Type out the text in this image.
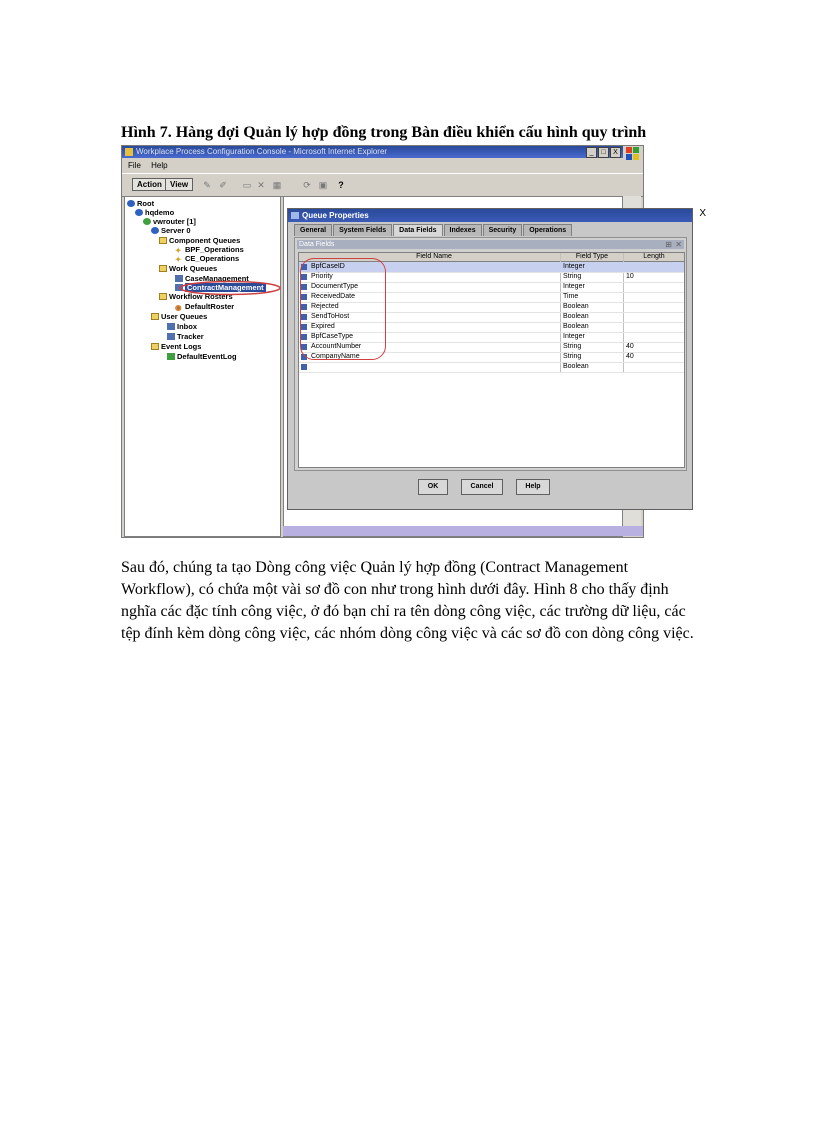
Hình 7. Hàng đợi Quản lý hợp đồng trong Bàn điều khiển cấu hình quy trình
Workplace Process Configuration Console - Microsoft Internet Explorer	_	□	X
File Help
Action	View	✎ ✐ ▭ ✕ ▦ ⟳ ▣ ?
Root
hqdemo
vwrouter [1]
Server 0
Component Queues
✦ BPF_Operations
✦ CE_Operations
Work Queues
CaseManagement
ContractManagement
Workflow Rosters
◉ DefaultRoster
User Queues
Inbox
Tracker
Event Logs
DefaultEventLog
Queue Properties	X
General	System Fields	Data Fields	Indexes	Security	Operations
Data Fields	⊞ ✕
Field Name	Field Type	Length
BpfCaseID	Integer
Priority	String	10
DocumentType	Integer
ReceivedDate	Time
Rejected	Boolean
SendToHost	Boolean
Expired	Boolean
BpfCaseType	Integer
AccountNumber	String	40
CompanyName	String	40
Boolean
OK	Cancel	Help
Sau đó, chúng ta tạo Dòng công việc Quản lý hợp đồng (Contract Management Workflow), có chứa một vài sơ đồ con như trong hình dưới đây. Hình 8 cho thấy định nghĩa các đặc tính công việc, ở đó bạn chỉ ra tên dòng công việc, các trường dữ liệu, các tệp đính kèm dòng công việc, các nhóm dòng công việc và các sơ đồ con dòng công việc.
